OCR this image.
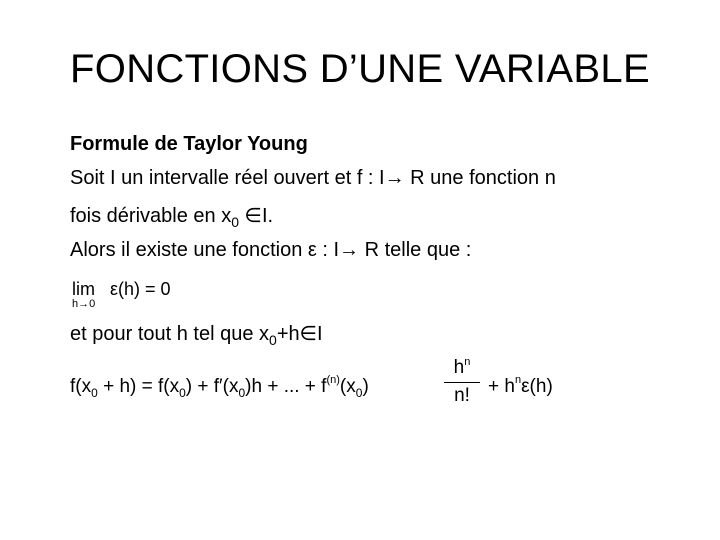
FONCTIONS D’UNE VARIABLE
Formule de Taylor Young
Soit I un intervalle réel ouvert et f : I→ R une fonction n
fois dérivable en $x_0$ ∈I.
Alors il existe une fonction ε : I→ R telle que :
lim
h→0
ε(h) = 0
et pour tout h tel que $x_0+h\in I$
$f(x_0 + h) = f(x_0) + f'(x_0)h$ + ... + $f^{(n)}(x_0)$
$h^n$
n! + $h^n\varepsilon(h)$
